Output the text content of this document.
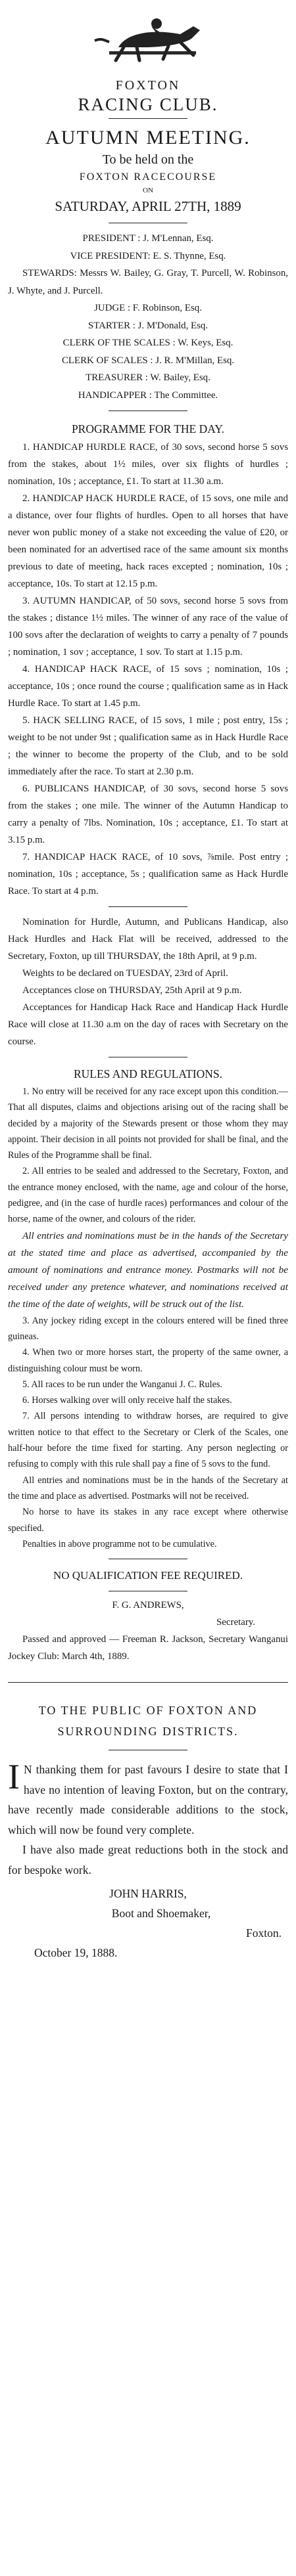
FOXTON
RACING CLUB.
AUTUMN MEETING.
To be held on the
FOXTON RACECOURSE
ON
SATURDAY, APRIL 27TH, 1889

PRESIDENT : J. M'Lennan, Esq.

VICE PRESIDENT: E. S. Thynne, Esq.

STEWARDS: Messrs W. Bailey, G. Gray, T. Purcell, W. Robinson, J. Whyte, and J. Purcell.

JUDGE : F. Robinson, Esq.

STARTER : J. M'Donald, Esq.

CLERK OF THE SCALES : W. Keys, Esq.

CLERK OF SCALES : J. R. M'Millan, Esq.

TREASURER : W. Bailey, Esq.

HANDICAPPER : The Committee.

PROGRAMME FOR THE DAY.

1. HANDICAP HURDLE RACE, of 30 sovs, second horse 5 sovs from the stakes, about 1½ miles, over six flights of hurdles ; nomination, 10s ; acceptance, £1. To start at 11.30 a.m.

2. HANDICAP HACK HURDLE RACE, of 15 sovs, one mile and a distance, over four flights of hurdles. Open to all horses that have never won public money of a stake not exceeding the value of £20, or been nominated for an advertised race of the same amount six months previous to date of meeting, hack races excepted ; nomination, 10s ; acceptance, 10s. To start at 12.15 p.m.

3. AUTUMN HANDICAP, of 50 sovs, second horse 5 sovs from the stakes ; distance 1½ miles. The winner of any race of the value of 100 sovs after the declaration of weights to carry a penalty of 7 pounds ; nomination, 1 sov ; acceptance, 1 sov. To start at 1.15 p.m.

4. HANDICAP HACK RACE, of 15 sovs ; nomination, 10s ; acceptance, 10s ; once round the course ; qualification same as in Hack Hurdle Race. To start at 1.45 p.m.

5. HACK SELLING RACE, of 15 sovs, 1 mile ; post entry, 15s ; weight to be not under 9st ; qualification same as in Hack Hurdle Race ; the winner to become the property of the Club, and to be sold immediately after the race. To start at 2.30 p.m.

6. PUBLICANS HANDICAP, of 30 sovs, second horse 5 sovs from the stakes ; one mile. The winner of the Autumn Handicap to carry a penalty of 7lbs. Nomination, 10s ; acceptance, £1. To start at 3.15 p.m.

7. HANDICAP HACK RACE, of 10 sovs, ⅞mile. Post entry ; nomination, 10s ; acceptance, 5s ; qualification same as Hack Hurdle Race. To start at 4 p.m.

Nomination for Hurdle, Autumn, and Publicans Handicap, also Hack Hurdles and Hack Flat will be received, addressed to the Secretary, Foxton, up till THURSDAY, the 18th April, at 9 p.m.

Weights to be declared on TUESDAY, 23rd of April.

Acceptances close on THURSDAY, 25th April at 9 p.m.

Acceptances for Handicap Hack Race and Handicap Hack Hurdle Race will close at 11.30 a.m on the day of races with Secretary on the course.

RULES AND REGULATIONS.

1. No entry will be received for any race except upon this condition.—That all disputes, claims and objections arising out of the racing shall be decided by a majority of the Stewards present or those whom they may appoint. Their decision in all points not provided for shall be final, and the Rules of the Programme shall be final.

2. All entries to be sealed and addressed to the Secretary, Foxton, and the entrance money enclosed, with the name, age and colour of the horse, pedigree, and (in the case of hurdle races) performances and colour of the horse, name of the owner, and colours of the rider.

All entries and nominations must be in the hands of the Secretary at the stated time and place as advertised, accompanied by the amount of nominations and entrance money. Postmarks will not be received under any pretence whatever, and nominations received at the time of the date of weights, will be struck out of the list.

3. Any jockey riding except in the colours entered will be fined three guineas.

4. When two or more horses start, the property of the same owner, a distinguishing colour must be worn.

5. All races to be run under the Wanganui J. C. Rules.

6. Horses walking over will only receive half the stakes.

7. All persons intending to withdraw horses, are required to give written notice to that effect to the Secretary or Clerk of the Scales, one half-hour before the time fixed for starting. Any person neglecting or refusing to comply with this rule shall pay a fine of 5 sovs to the fund.

All entries and nominations must be in the hands of the Secretary at the time and place as advertised. Postmarks will not be received.

No horse to have its stakes in any race except where otherwise specified.

Penalties in above programme not to be cumulative.

NO QUALIFICATION FEE REQUIRED.

F. G. ANDREWS,

Secretary.

Passed and approved — Freeman R. Jackson, Secretary Wanganui Jockey Club: March 4th, 1889.

TO THE PUBLIC OF FOXTON AND SURROUNDING DISTRICTS.
I N thanking them for past favours I desire to state that I have no intention of leaving Foxton, but on the contrary, have recently made considerable additions to the stock, which will now be found very complete.

I have also made great reductions both in the stock and for bespoke work.

JOHN HARRIS,

Boot and Shoemaker,

Foxton.

October 19, 1888.
